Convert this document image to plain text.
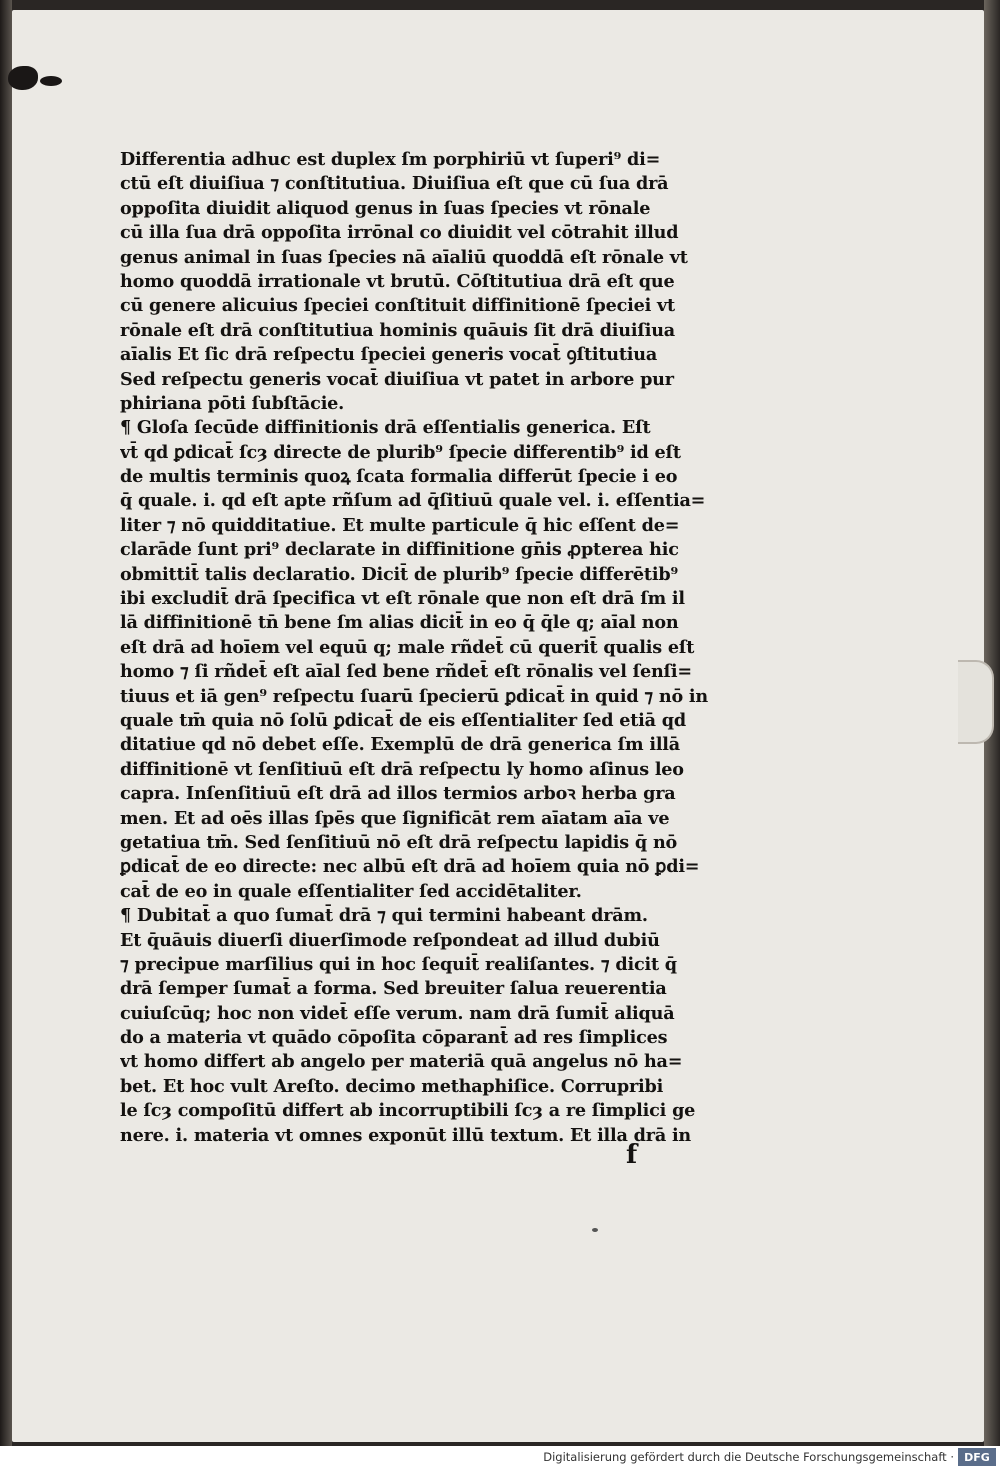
Differentia adhuc est duplex ſm porphiriū vt ſuperi⁹ di=
ctū eſt diuiſiua ⁊ conſtitutiua. Diuiſiua eſt que cū ſua drā
oppoſita diuidit aliquod genus in ſuas ſpecies vt rōnale
cū illa ſua drā oppoſita irrōnal co diuidit vel cōtrahit illud
genus animal in ſuas ſpecies nā aīaliū quoddā eſt rōnale vt
homo quoddā irrationale vt brutū. Cōſtitutiua drā eſt que
cū genere alicuius ſpeciei conſtituit diffinitionē ſpeciei vt
rōnale eſt drā conſtitutiua hominis quāuis ſit drā diuiſiua
aīalis Et ſic drā reſpectu ſpeciei generis vocat̄ ꝯſtitutiua
Sed reſpectu generis vocat̄ diuiſiua vt patet in arbore pur
phiriana pōti ſubſtācie.
¶ Gloſa ſecūde diffinitionis drā eſſentialis generica. Eſt
vt̄ qd ꝑdicat̄ ſcȝ directe de plurib⁹ ſpecie differentib⁹ id eſt
de multis terminis quoꝝ ſcata formalia differūt ſpecie i eo
q̄ quale. i. qd eſt apte rñſum ad q̄ſitiuū quale vel. i. eſſentia=
liter ⁊ nō quidditatiue. Et multe particule q̄ hic eſſent de=
clarāde ſunt pri⁹ declarate in diffinitione gn̄is ꝓpterea hic
obmittit̄ talis declaratio. Dicit̄ de plurib⁹ ſpecie differētib⁹
ibi excludit̄ drā ſpecifica vt eſt rōnale que non eſt drā ſm il
lā diffinitionē tn̄ bene ſm alias dicit̄ in eo q̄ q̄le q; aīal non
eſt drā ad hoīem vel equū q; male rñdet̄ cū querit̄ qualis eſt
homo ⁊ ſi rñdet̄ eſt aīal ſed bene rñdet̄ eſt rōnalis vel ſenſi=
tiuus et iā gen⁹ reſpectu ſuarū ſpecierū ꝑdicat̄ in quid ⁊ nō in
quale tm̄ quia nō ſolū ꝑdicat̄ de eis eſſentialiter ſed etiā qd
ditatiue qd nō debet eſſe. Exemplū de drā generica ſm illā
diffinitionē vt ſenſitiuū eſt drā reſpectu ly homo aſinus leo
capra. Inſenſitiuū eſt drā ad illos termios arboꝛ herba gra
men. Et ad oēs illas ſpēs que ſignificāt rem aīatam aīa ve
getatiua tm̄. Sed ſenſitiuū nō eſt drā reſpectu lapidis q̄ nō
ꝑdicat̄ de eo directe: nec albū eſt drā ad hoīem quia nō ꝑdi=
cat̄ de eo in quale eſſentialiter ſed accidētaliter.
¶ Dubitat̄ a quo ſumat̄ drā ⁊ qui termini habeant drām.
Et q̄uāuis diuerſi diuerſimode reſpondeat ad illud dubiū
⁊ precipue marſilius qui in hoc ſequit̄ realiſantes. ⁊ dicit q̄
drā ſemper ſumat̄ a forma. Sed breuiter ſalua reuerentia
cuiuſcūq; hoc non videt̄ eſſe verum. nam drā ſumit̄ aliquā
do a materia vt quādo cōpoſita cōparant̄ ad res ſimplices
vt homo differt ab angelo per materiā quā angelus nō ha=
bet. Et hoc vult Areſto. decimo methaphiſice. Corrupribi
le ſcȝ compoſitū differt ab incorruptibili ſcȝ a re ſimplici ge
nere. i. materia vt omnes exponūt illū textum. Et illa drā in
f
Digitalisierung gefördert durch die Deutsche Forschungsgemeinschaft · DFG
